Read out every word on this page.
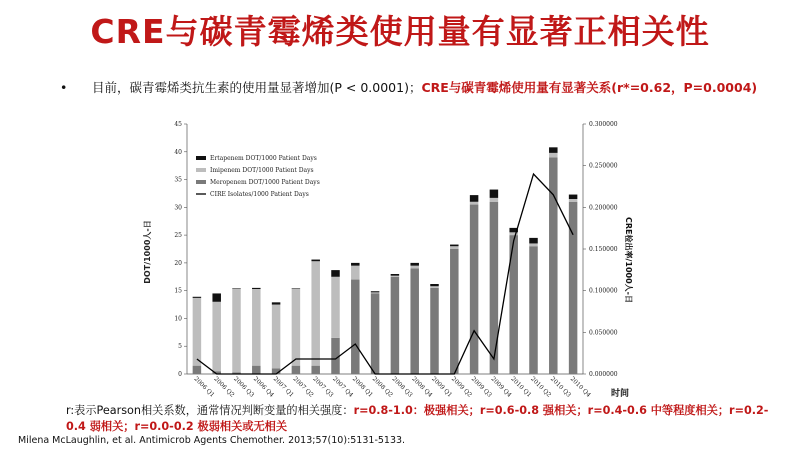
CRE与碳青霉烯类使用量有显著正相关性
• 目前，碳青霉烯类抗生素的使用量显著增加(P < 0.0001)；CRE与碳青霉烯使用量有显著关系(r*=0.62，P=0.0004)
0
5
10
15
20
25
30
35
40
45
0.000000
0.050000
0.100000
0.150000
0.200000
0.250000
0.300000
2006 Q1
2006 Q2
2006 Q3
2006 Q4
2007 Q1
2007 Q2
2007 Q3
2007 Q4
2008 Q1
2008 Q2
2008 Q3
2008 Q4
2009 Q1
2009 Q2
2009 Q3
2009 Q4
2010 Q1
2010 Q2
2010 Q3
2010 Q4
Ertapenem DOT/1000 Patient Days
Imipenem DOT/1000 Patient Days
Meropenem DOT/1000 Patient Days
CIRE Isolates/1000 Patient Days
DOT/1000人-日	CRE检出率/1000人-日
时间
r:表示Pearson相关系数，通常情况判断变量的相关强度：r=0.8-1.0：极强相关；r=0.6-0.8 强相关；r=0.4-0.6 中等程度相关；r=0.2-0.4 弱相关；r=0.0-0.2 极弱相关或无相关
Milena McLaughlin, et al. Antimicrob Agents Chemother. 2013;57(10):5131-5133.
